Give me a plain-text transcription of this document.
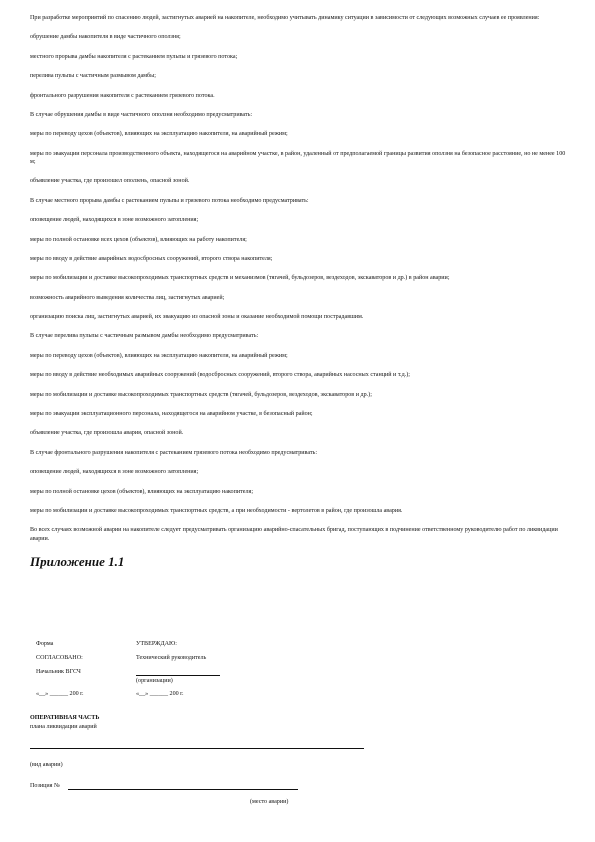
При разработке мероприятий по спасению людей, застигнутых аварией на накопителе, необходимо учитывать динамику ситуации в зависимости от следующих возможных случаев ее проявления:

обрушение дамбы накопителя в виде частичного оползня;

местного прорыва дамбы накопителя с растеканием пульпы и грязевого потока;

перелива пульпы с частичным размывом дамбы;

фронтального разрушения накопителя с растеканием грязевого потока.

В случае обрушения дамбы в виде частичного оползня необходимо предусматривать:

меры по переводу цехов (объектов), влияющих на эксплуатацию накопителя, на аварийный режим;

меры по эвакуации персонала производственного объекта, находящегося на аварийном участке, в район, удаленный от предполагаемой границы развития оползня на безопасное расстояние, но не менее 100 м;

объявление участка, где произошел оползень, опасной зоной.

В случае местного прорыва дамбы с растеканием пульпы и грязевого потока необходимо предусматривать:

оповещение людей, находящихся в зоне возможного затопления;

меры по полной остановке всех цехов (объектов), влияющих на работу накопителя;

меры по вводу в действие аварийных водосбросных сооружений, второго створа накопителя;

меры по мобилизации и доставке высокопроходимых транспортных средств и механизмов (тягачей, бульдозеров, вездеходов, экскаваторов и др.) в район аварии;

возможность аварийного выведения количества лиц, застигнутых аварией;

организацию поиска лиц, застигнутых аварией, их эвакуацию из опасной зоны и оказание необходимой помощи пострадавшим.

В случае перелива пульпы с частичным размывом дамбы необходимо предусматривать:

меры по переводу цехов (объектов), влияющих на эксплуатацию накопителя, на аварийный режим;

меры по вводу в действие необходимых аварийных сооружений (водосбросных сооружений, второго створа, аварийных насосных станций и т.д.);

меры по мобилизации и доставке высокопроходимых транспортных средств (тягачей, бульдозеров, вездеходов, экскаваторов и др.);

меры по эвакуации эксплуатационного персонала, находящегося на аварийном участке, в безопасный район;

объявление участка, где произошла авария, опасной зоной.

В случае фронтального разрушения накопителя с растеканием грязевого потока необходимо предусматривать:

оповещение людей, находящихся в зоне возможного затопления;

меры по полной остановке цехов (объектов), влияющих на эксплуатацию накопителя;

меры по мобилизации и доставке высокопроходимых транспортных средств, а при необходимости - вертолетов в район, где произошла авария.

Во всех случаях возможной аварии на накопителе следует предусматривать организацию аварийно-спасательных бригад, поступающих в подчинение ответственному руководителю работ по ликвидации аварии.

Приложение 1.1
Форма	УТВЕРЖДАЮ:
СОГЛАСОВАНО:	Технический руководитель
Начальник ВГСЧ
(организации)
«__» ______ 200 г.	«__» ______ 200 г.
ОПЕРАТИВНАЯ ЧАСТЬ
плана ликвидации аварий
(вид аварии)
Позиция №
(место аварии)
